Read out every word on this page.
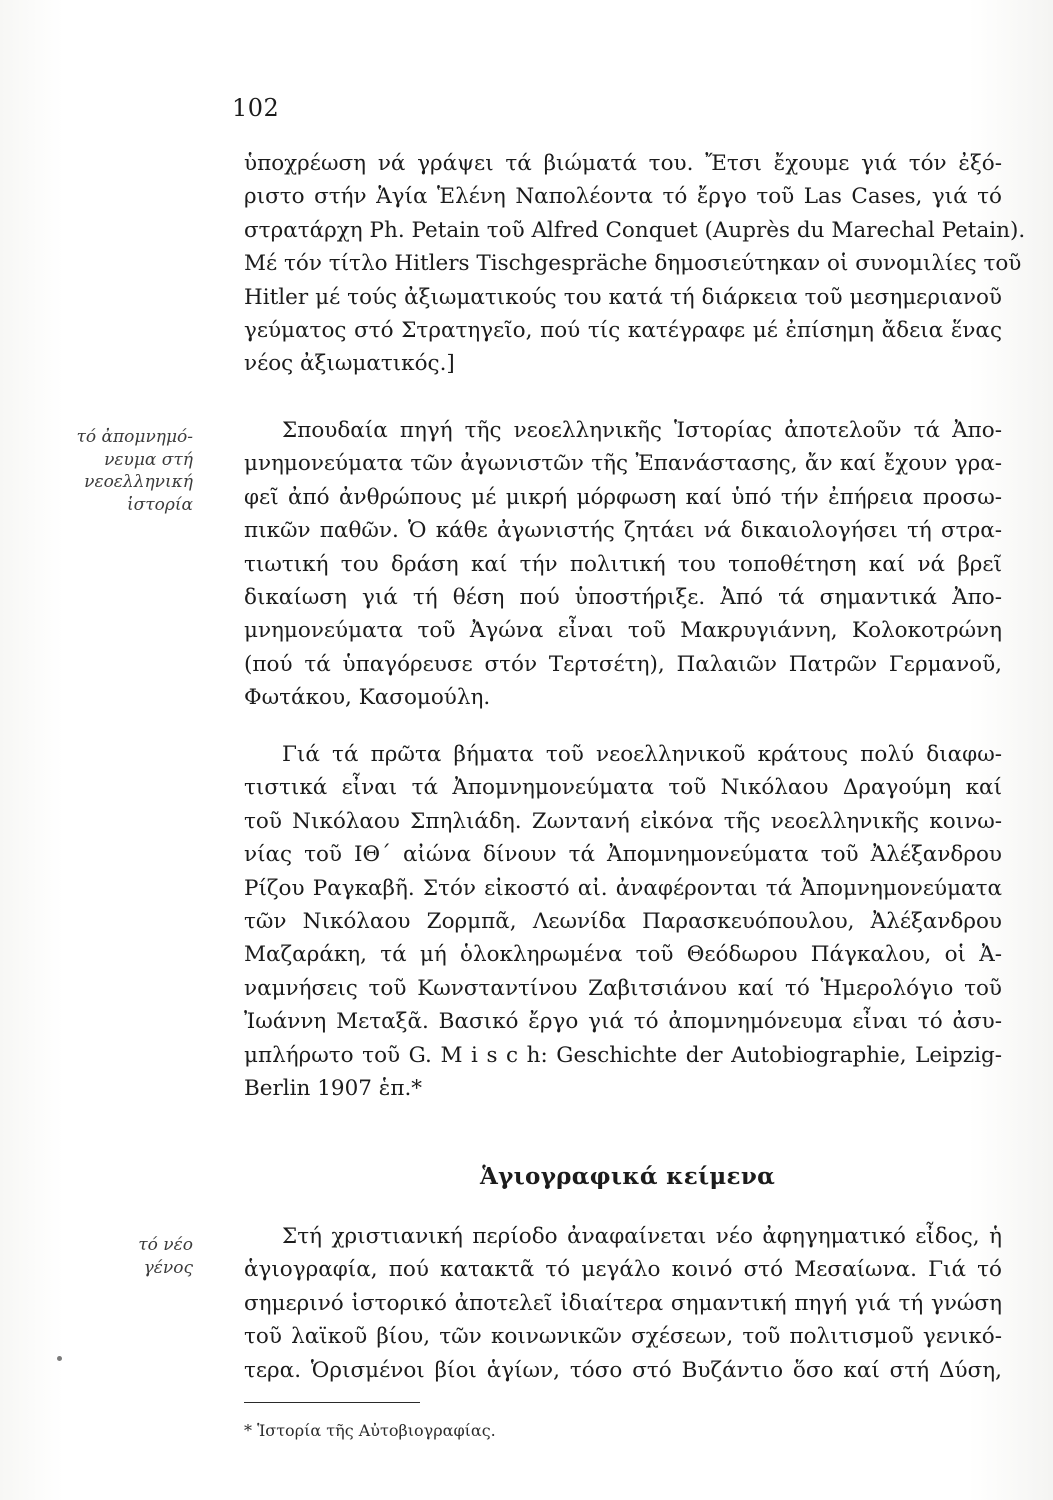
102
ὑποχρέωση νά γράψει τά βιώματά του. Ἔτσι ἔχουμε γιά τόν ἐξό-
ριστο στήν Ἁγία Ἑλένη Ναπολέοντα τό ἔργο τοῦ Las Cases, γιά τό
στρατάρχη Ph. Petain τοῦ Alfred Conquet (Auprès du Marechal Petain).
Μέ τόν τίτλο Hitlers Tischgespräche δημοσιεύτηκαν οἱ συνομιλίες τοῦ
Hitler μέ τούς ἀξιωματικούς του κατά τή διάρκεια τοῦ μεσημεριανοῦ
γεύματος στό Στρατηγεῖο, πού τίς κατέγραφε μέ ἐπίσημη ἄδεια ἕνας
νέος ἀξιωματικός.]
τό ἀπομνημό-
νευμα στή
νεοελληνική
ἱστορία
Σπουδαία πηγή τῆς νεοελληνικῆς Ἱστορίας ἀποτελοῦν τά Ἀπο-
μνημονεύματα τῶν ἀγωνιστῶν τῆς Ἐπανάστασης, ἄν καί ἔχουν γρα-
φεῖ ἀπό ἀνθρώπους μέ μικρή μόρφωση καί ὑπό τήν ἐπήρεια προσω-
πικῶν παθῶν. Ὁ κάθε ἀγωνιστής ζητάει νά δικαιολογήσει τή στρα-
τιωτική του δράση καί τήν πολιτική του τοποθέτηση καί νά βρεῖ
δικαίωση γιά τή θέση πού ὑποστήριξε. Ἀπό τά σημαντικά Ἀπο-
μνημονεύματα τοῦ Ἀγώνα εἶναι τοῦ Μακρυγιάννη, Κολοκοτρώνη
(πού τά ὑπαγόρευσε στόν Τερτσέτη), Παλαιῶν Πατρῶν Γερμανοῦ,
Φωτάκου, Κασομούλη.
Γιά τά πρῶτα βήματα τοῦ νεοελληνικοῦ κράτους πολύ διαφω-
τιστικά εἶναι τά Ἀπομνημονεύματα τοῦ Νικόλαου Δραγούμη καί
τοῦ Νικόλαου Σπηλιάδη. Ζωντανή εἰκόνα τῆς νεοελληνικῆς κοινω-
νίας τοῦ ΙΘ΄ αἰώνα δίνουν τά Ἀπομνημονεύματα τοῦ Ἀλέξανδρου
Ρίζου Ραγκαβῆ. Στόν εἰκοστό αἰ. ἀναφέρονται τά Ἀπομνημονεύματα
τῶν Νικόλαου Ζορμπᾶ, Λεωνίδα Παρασκευόπουλου, Ἀλέξανδρου
Μαζαράκη, τά μή ὁλοκληρωμένα τοῦ Θεόδωρου Πάγκαλου, οἱ Ἀ-
ναμνήσεις τοῦ Κωνσταντίνου Ζαβιτσιάνου καί τό Ἡμερολόγιο τοῦ
Ἰωάννη Μεταξᾶ. Βασικό ἔργο γιά τό ἀπομνημόνευμα εἶναι τό ἀσυ-
μπλήρωτο τοῦ G. M i s c h: Geschichte der Autobiographie, Leipzig-
Berlin 1907 ἑπ.*
Ἁγιογραφικά κείμενα
τό νέο
γένος
Στή χριστιανική περίοδο ἀναφαίνεται νέο ἀφηγηματικό εἶδος, ἡ
ἁγιογραφία, πού κατακτᾶ τό μεγάλο κοινό στό Μεσαίωνα. Γιά τό
σημερινό ἱστορικό ἀποτελεῖ ἰδιαίτερα σημαντική πηγή γιά τή γνώση
τοῦ λαϊκοῦ βίου, τῶν κοινωνικῶν σχέσεων, τοῦ πολιτισμοῦ γενικό-
τερα. Ὁρισμένοι βίοι ἁγίων, τόσο στό Βυζάντιο ὅσο καί στή Δύση,
* Ἱστορία τῆς Αὐτοβιογραφίας.
